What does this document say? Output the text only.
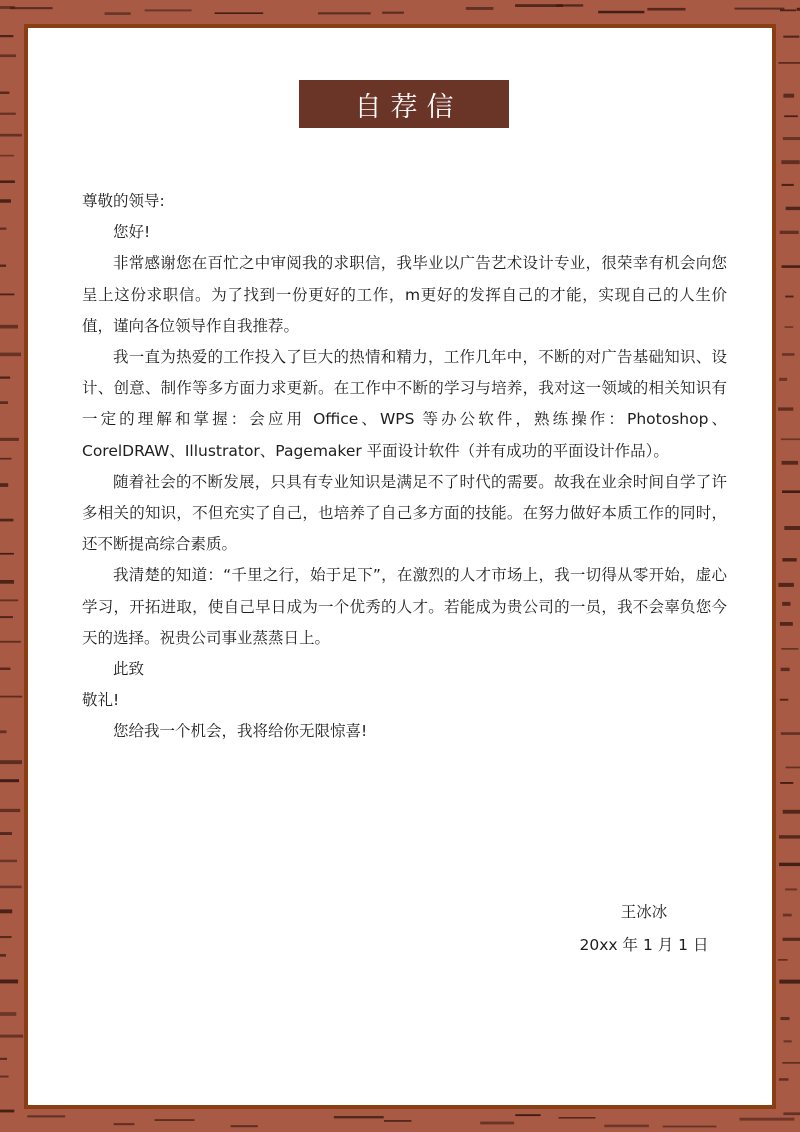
自荐信

尊敬的领导:

您好!

非常感谢您在百忙之中审阅我的求职信，我毕业以广告艺术设计专业，很荣幸有机会向您呈上这份求职信。为了找到一份更好的工作，m更好的发挥自己的才能，实现自己的人生价值，谨向各位领导作自我推荐。

我一直为热爱的工作投入了巨大的热情和精力，工作几年中，不断的对广告基础知识、设计、创意、制作等多方面力求更新。在工作中不断的学习与培养，我对这一领域的相关知识有一定的理解和掌握：会应用 Office、WPS 等办公软件，熟练操作：Photoshop、CorelDRAW、Illustrator、Pagemaker 平面设计软件（并有成功的平面设计作品）。

随着社会的不断发展，只具有专业知识是满足不了时代的需要。故我在业余时间自学了许多相关的知识，不但充实了自己，也培养了自己多方面的技能。在努力做好本质工作的同时，还不断提高综合素质。

我清楚的知道：“千里之行，始于足下”，在激烈的人才市场上，我一切得从零开始，虚心学习，开拓进取，使自己早日成为一个优秀的人才。若能成为贵公司的一员，我不会辜负您今天的选择。祝贵公司事业蒸蒸日上。

此致

敬礼!

您给我一个机会，我将给你无限惊喜!

王冰冰
20xx 年 1 月 1 日
